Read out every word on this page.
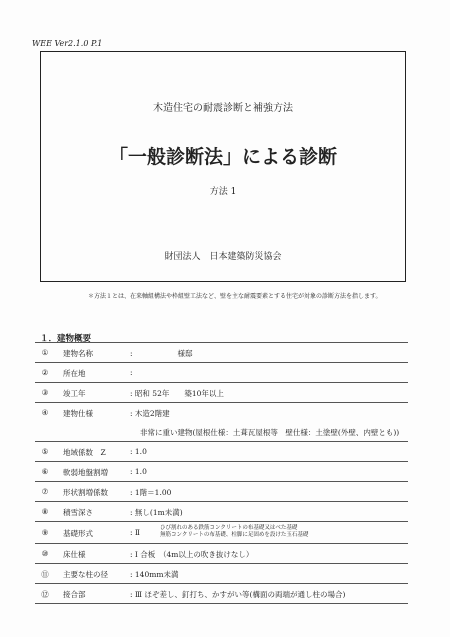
WEE Ver2.1.0 P.1
木造住宅の耐震診断と補強方法
「一般診断法」による診断
方法 1
財団法人　日本建築防災協会
＊方法１とは、在来軸組構法や枠組壁工法など、壁を主な耐震要素とする住宅が対象の診断方法を指します。
１．建物概要
①	建物名称	:　　　　　　様邸
②	所在地	:
③	竣工年	: 昭和 52年　　築10年以上
④	建物仕様	: 木造2階建
非常に重い建物(屋根仕様：土葺瓦屋根等　壁仕様：土塗壁(外壁、内壁とも))
⑤	地域係数　Z	: 1.0
⑥	軟弱地盤割増	: 1.0
⑦	形状割増係数	: 1階＝1.00
⑧	積雪深さ	: 無し(1m未満)
⑨	基礎形式	: Ⅱ	ひび割れのある鉄筋コンクリートの布基礎又はべた基礎
無筋コンクリートの布基礎、柱脚に足固めを設けた玉石基礎
⑩	床仕様	: Ⅰ 合板　（4m以上の吹き抜けなし）
⑪	主要な柱の径	: 140mm未満
⑫	接合部	: Ⅲ ほぞ差し、釘打ち、かすがい等(構面の両端が通し柱の場合)
